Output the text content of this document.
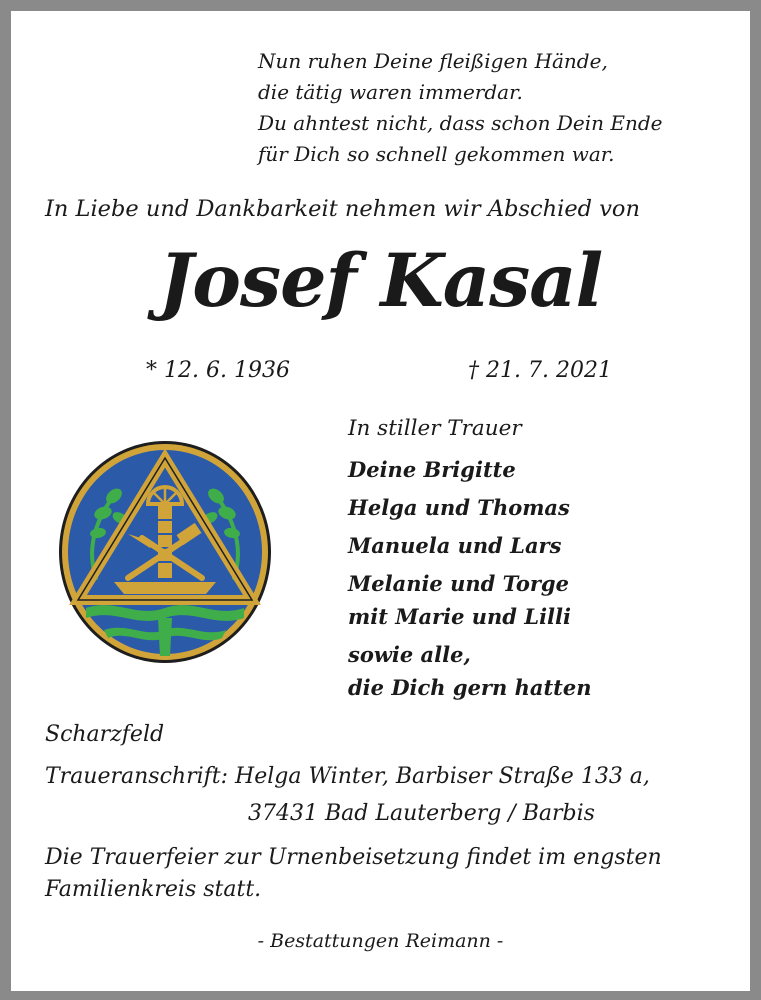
Nun ruhen Deine fleißigen Hände,
die tätig waren immerdar.
Du ahntest nicht, dass schon Dein Ende
für Dich so schnell gekommen war.
In Liebe und Dankbarkeit nehmen wir Abschied von
Josef Kasal
* 12. 6. 1936	† 21. 7. 2021
In stiller Trauer
Deine Brigitte
Helga und Thomas
Manuela und Lars
Melanie und Torge
mit Marie und Lilli
sowie alle,
die Dich gern hatten
Scharzfeld
Traueranschrift: Helga Winter, Barbiser Straße 133 a,
37431 Bad Lauterberg / Barbis
Die Trauerfeier zur Urnenbeisetzung findet im engsten
Familienkreis statt.
- Bestattungen Reimann -
